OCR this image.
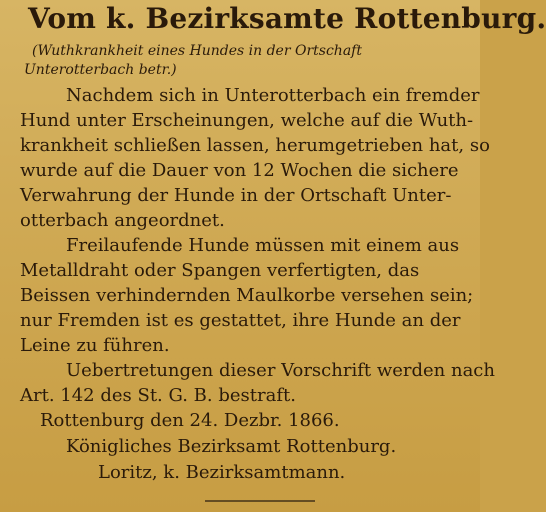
Vom k. Bezirksamte Rottenburg.
(Wuthkrankheit eines Hundes in der Ortschaft
Unterotterbach betr.)
Nachdem sich in Unterotterbach ein fremder
Hund unter Erscheinungen, welche auf die Wuth-
krankheit schließen lassen, herumgetrieben hat, so
wurde auf die Dauer von 12 Wochen die sichere
Verwahrung der Hunde in der Ortschaft Unter-
otterbach angeordnet.
Freilaufende Hunde müssen mit einem aus
Metalldraht oder Spangen verfertigten, das
Beissen verhindernden Maulkorbe versehen sein;
nur Fremden ist es gestattet, ihre Hunde an der
Leine zu führen.
Uebertretungen dieser Vorschrift werden nach
Art. 142 des St. G. B. bestraft.
Rottenburg den 24. Dezbr. 1866.
Königliches Bezirksamt Rottenburg.
Loritz, k. Bezirksamtmann.
